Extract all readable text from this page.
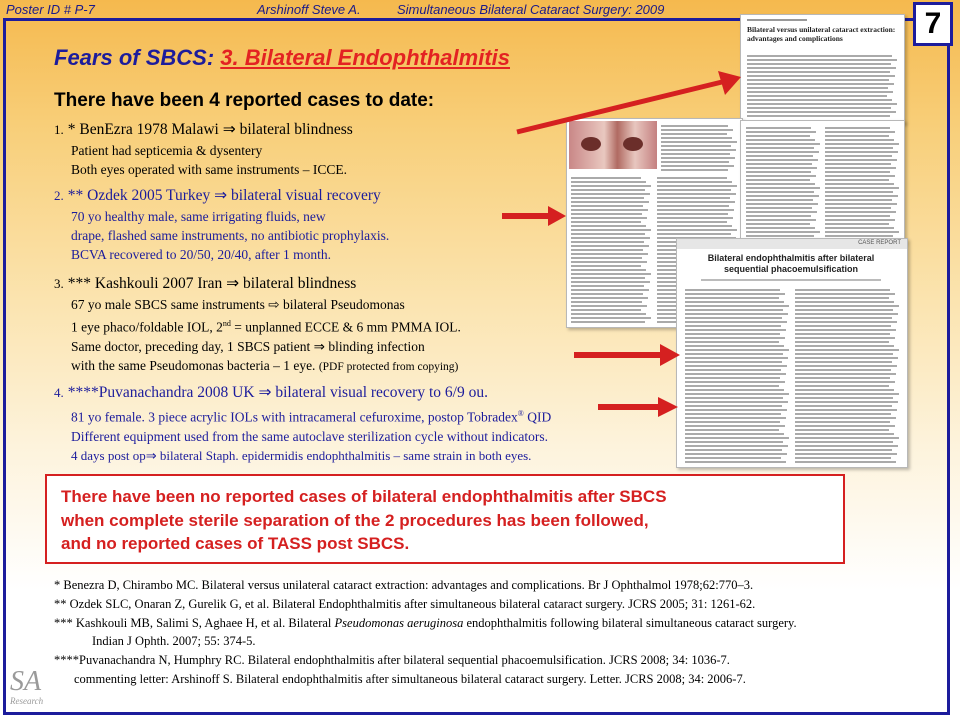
Poster ID # P-7	Arshinoff Steve A.	Simultaneous Bilateral Cataract Surgery: 2009	7
Fears of SBCS: 3. Bilateral Endophthalmitis
There have been 4 reported cases to date:
1. * BenEzra 1978 Malawi ⇒ bilateral blindness
Patient had septicemia & dysentery
Both eyes operated with same instruments – ICCE.
2. ** Ozdek 2005 Turkey ⇒ bilateral visual recovery
70 yo healthy male, same irrigating fluids, new
drape, flashed same instruments, no antibiotic prophylaxis.
BCVA recovered to 20/50, 20/40, after 1 month.
3. *** Kashkouli 2007 Iran ⇒ bilateral blindness
67 yo male SBCS same instruments ⇨ bilateral Pseudomonas
1 eye phaco/foldable IOL, 2nd = unplanned ECCE & 6 mm PMMA IOL.
Same doctor, preceding day, 1 SBCS patient ⇒ blinding infection
with the same Pseudomonas bacteria – 1 eye. (PDF protected from copying)
4. ****Puvanachandra 2008 UK ⇒ bilateral visual recovery to 6/9 ou.
81 yo female. 3 piece acrylic IOLs with intracameral cefuroxime, postop Tobradex® QID
Different equipment used from the same autoclave sterilization cycle without indicators.
4 days post op⇒ bilateral Staph. epidermidis endophthalmitis – same strain in both eyes.
Bilateral versus unilateral cataract extraction: advantages and complications
CASE REPORT
Bilateral endophthalmitis after bilateral sequential phacoemulsification
There have been no reported cases of bilateral endophthalmitis after SBCS
when complete sterile separation of the 2 procedures has been followed,
and no reported cases of TASS post SBCS.
* Benezra D, Chirambo MC. Bilateral versus unilateral cataract extraction: advantages and complications. Br J Ophthalmol 1978;62:770–3.
** Ozdek SLC, Onaran Z, Gurelik G, et al. Bilateral Endophthalmitis after simultaneous bilateral cataract surgery. JCRS 2005; 31: 1261-62.
*** Kashkouli MB, Salimi S, Aghaee H, et al. Bilateral Pseudomonas aeruginosa endophthalmitis following bilateral simultaneous cataract surgery.
Indian J Ophth. 2007; 55: 374-5.
****Puvanachandra N, Humphry RC. Bilateral endophthalmitis after bilateral sequential phacoemulsification. JCRS 2008; 34: 1036-7.
commenting letter: Arshinoff S. Bilateral endophthalmitis after simultaneous bilateral cataract surgery. Letter. JCRS 2008; 34: 2006-7.
SA
Research
